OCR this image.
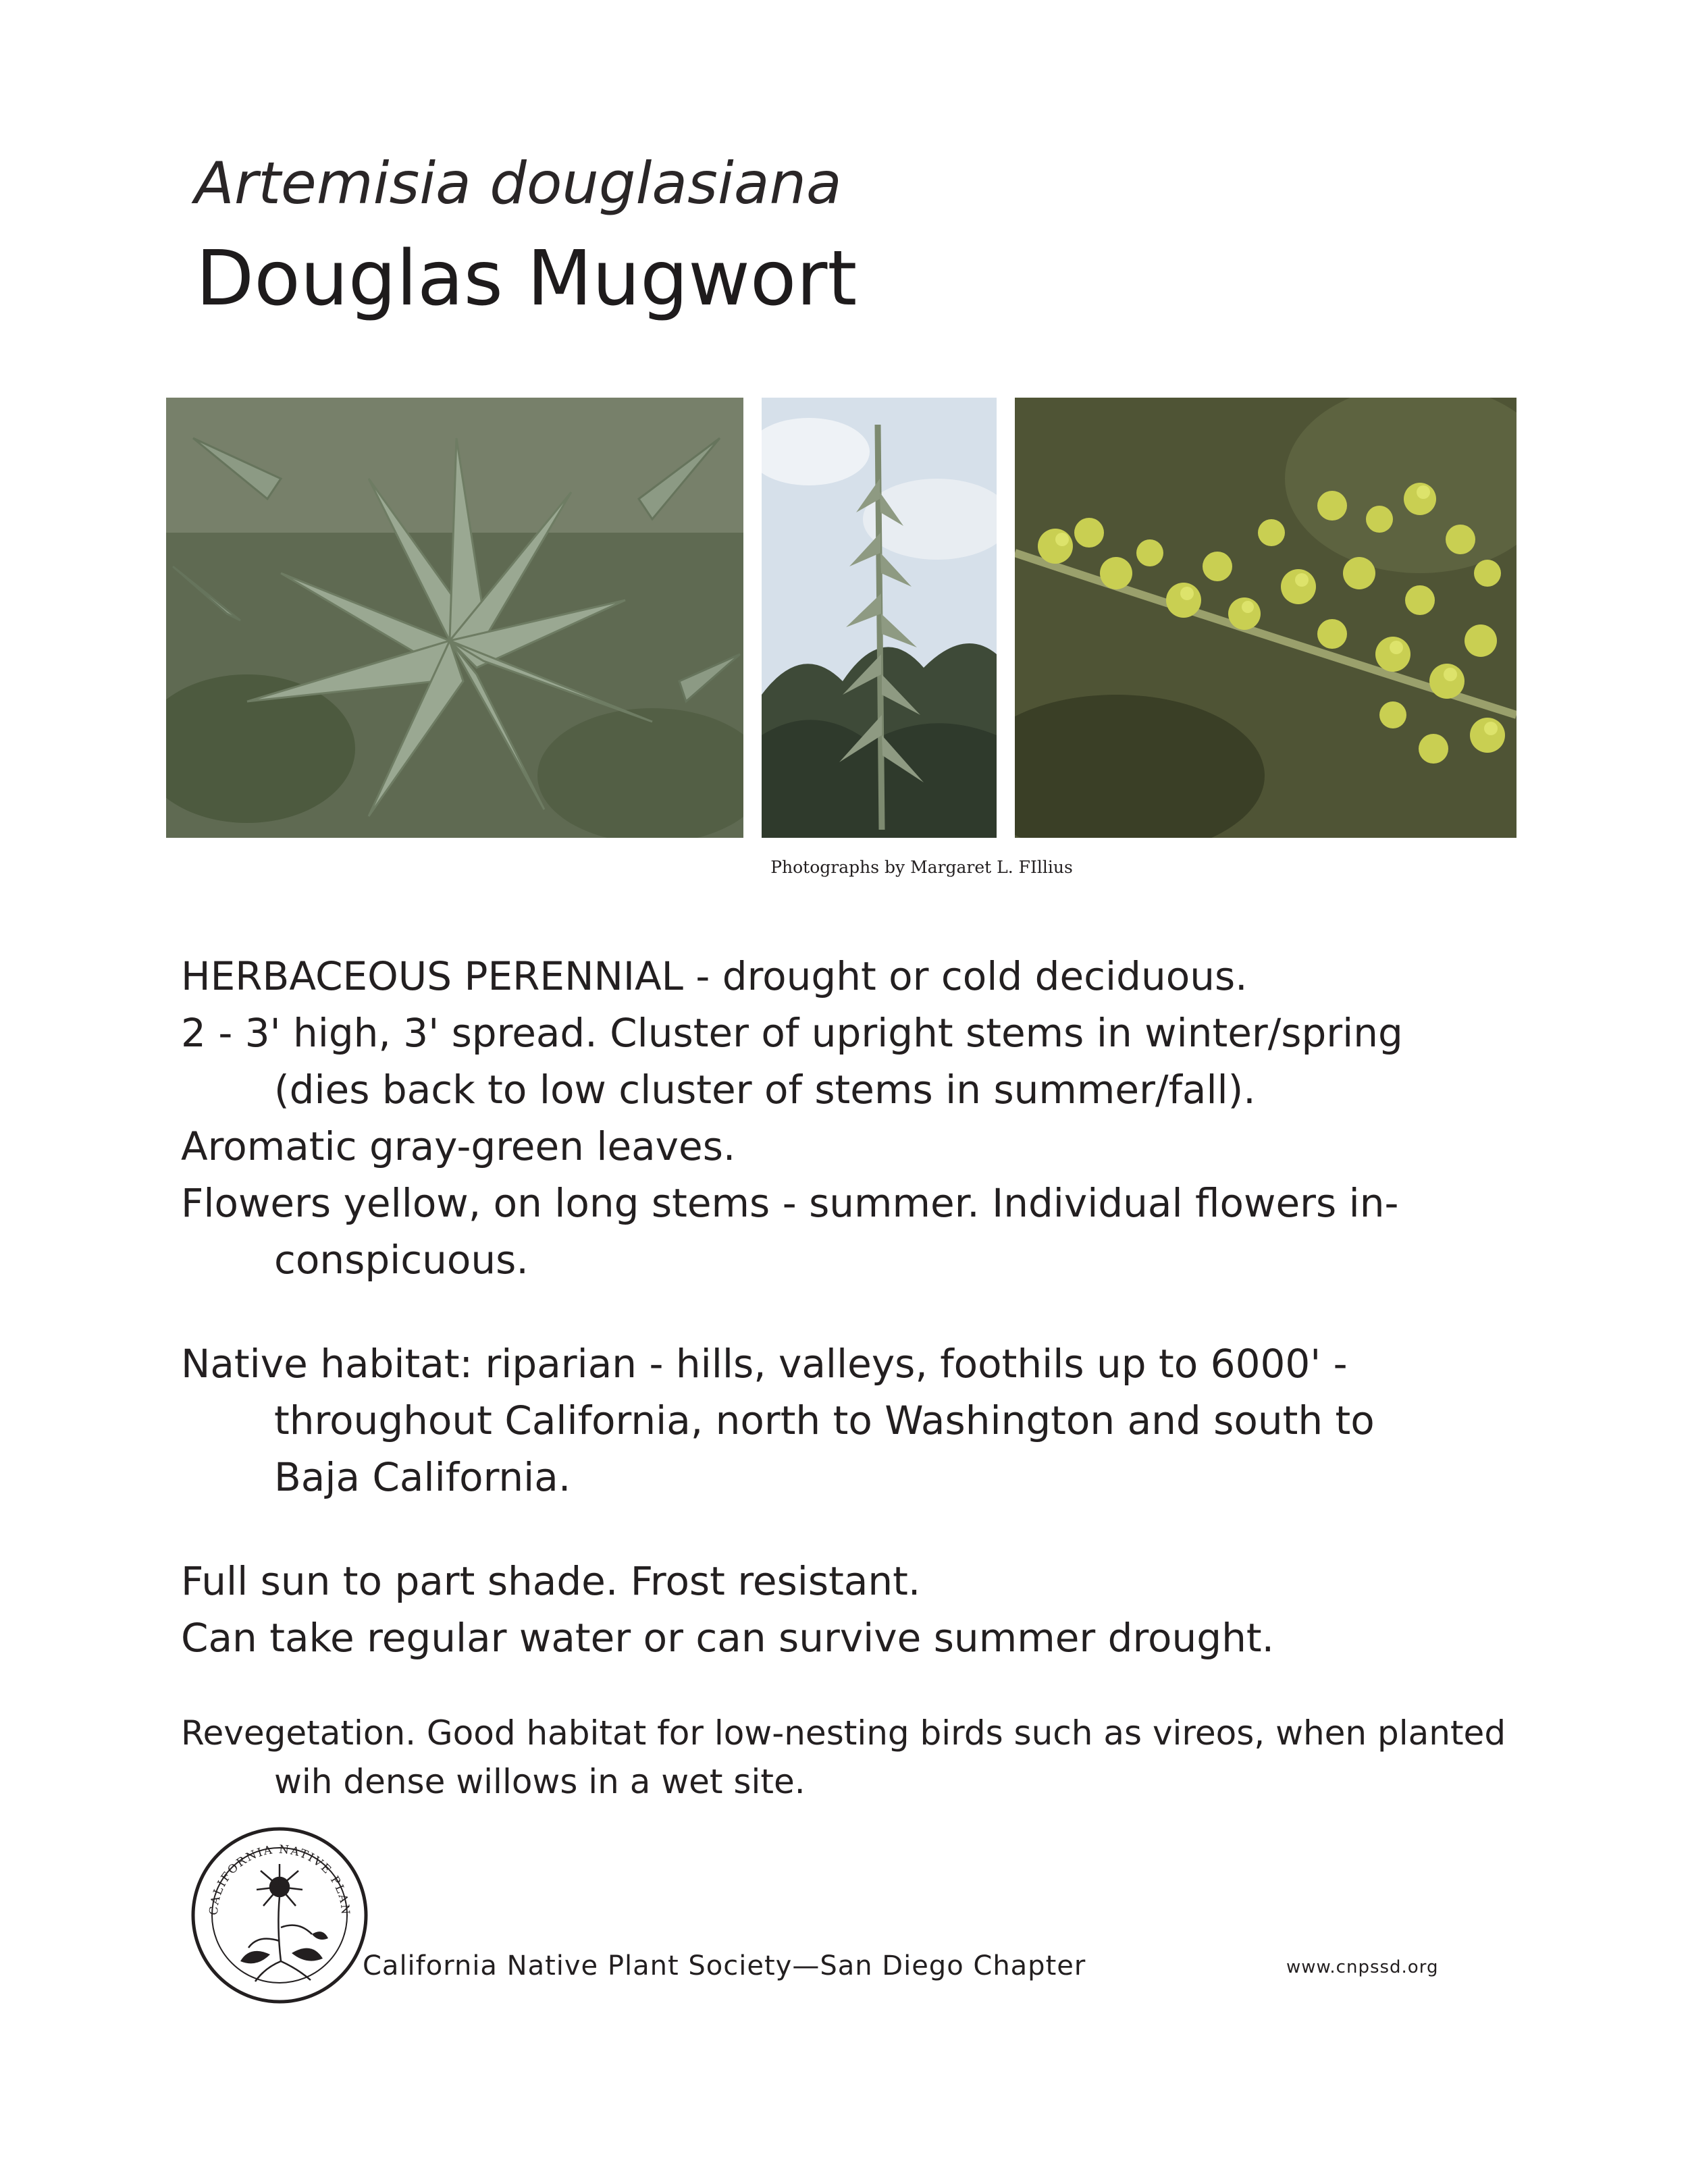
Artemisia douglasiana
Douglas Mugwort
Photographs by Margaret L. FIllius
HERBACEOUS PERENNIAL - drought or cold deciduous.
2 - 3' high, 3' spread. Cluster of upright stems in winter/spring
(dies back to low cluster of stems in summer/fall).
Aromatic gray-green leaves.
Flowers yellow, on long stems - summer. Individual flowers in-
conspicuous.
Native habitat: riparian - hills, valleys, foothils up to 6000' -
throughout California, north to Washington and south to
Baja California.
Full sun to part shade. Frost resistant.
Can take regular water or can survive summer drought.
Revegetation. Good habitat for low-nesting birds such as vireos, when planted
wih dense willows in a wet site.
CALIFORNIA NATIVE PLAN
California Native Plant Society—San Diego Chapter	www.cnpssd.org
